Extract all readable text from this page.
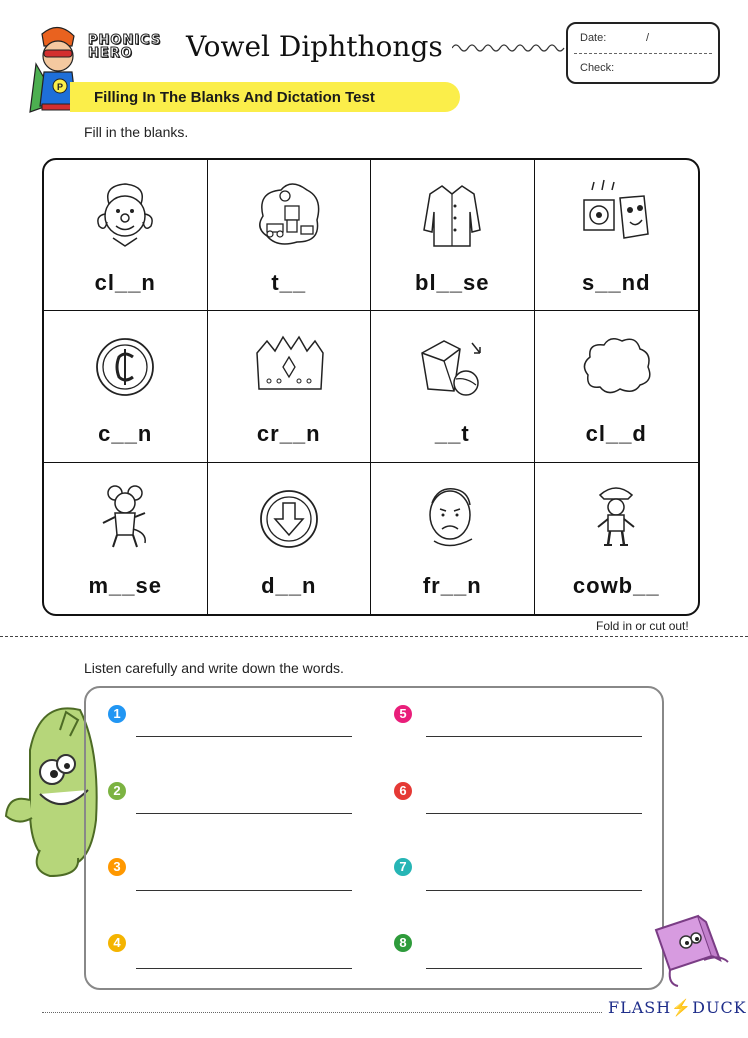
P
PHONICS
HERO	Vowel Diphthongs	Date:	/
Check:
Filling In The Blanks And Dictation Test
Fill in the blanks.
cl__n	t__	bl__se	s__nd
c__n	cr__n	__t	cl__d
m__se	d__n	fr__n	cowb__
Fold in or cut out!
Listen carefully and write down the words.
1
2
3
4
5
6
7
8
FLASH⚡DUCK
